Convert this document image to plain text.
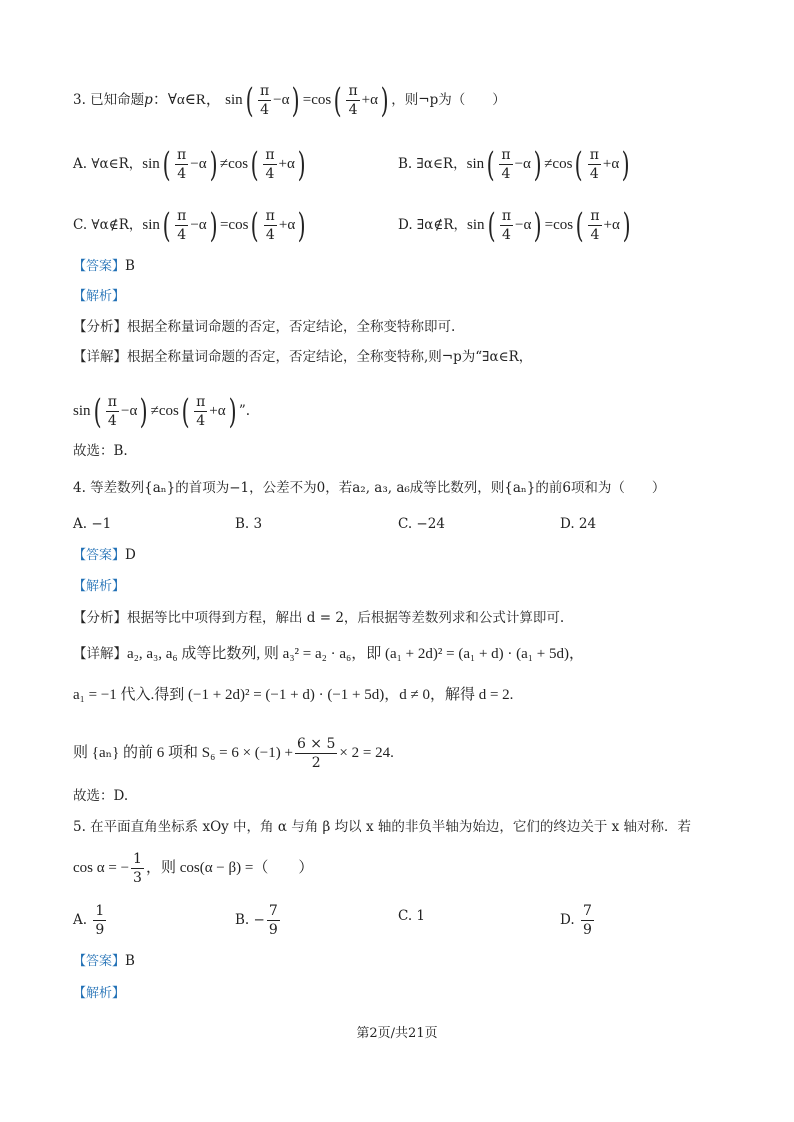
3. 已知命题p：∀α∈R， $\sin( \frac{\pi}{4} -\alpha) =\cos( \frac{\pi}{4} +\alpha)$ ，则¬p为（　　）
A. ∀α∈R，$\sin( \frac{\pi}{4} -\alpha) \ne\cos( \frac{\pi}{4} +\alpha)$	B. ∃α∈R，$\sin( \frac{\pi}{4} -\alpha) \ne\cos( \frac{\pi}{4} +\alpha)$
C. ∀α∉R，$\sin( \frac{\pi}{4} -\alpha) =\cos( \frac{\pi}{4} +\alpha)$	D. ∃α∉R，$\sin( \frac{\pi}{4} -\alpha) =\cos( \frac{\pi}{4} +\alpha)$
【答案】B
【解析】
【分析】根据全称量词命题的否定，否定结论，全称变特称即可.
【详解】根据全称量词命题的否定，否定结论，全称变特称,则¬p为“∃α∈R，
$\sin( \frac{\pi}{4} -\alpha) \ne\cos( \frac{\pi}{4} +\alpha)$ ”.
故选：B.
4. 等差数列{aₙ}的首项为−1，公差不为0，若a₂, a₃, a₆成等比数列，则{aₙ}的前6项和为（　　）
A. −1	B. 3	C. −24	D. 24
【答案】D
【解析】
【分析】根据等比中项得到方程，解出 d = 2，后根据等差数列求和公式计算即可.
【详解】a₂, a₃, a₆ 成等比数列, 则 a₃² = a₂ · a₆，即 (a₁ + 2d)² = (a₁ + d) · (a₁ + 5d)，
a₁ = −1 代入.得到 (−1 + 2d)² = (−1 + d) · (−1 + 5d)，d ≠ 0，解得 d = 2.
则 {aₙ} 的前 6 项和 $S_6 = 6 \times (-1) + \frac{6 \times 5}{2} \times 2 = 24$.
故选：D.
5. 在平面直角坐标系 xOy 中，角 α 与角 β 均以 x 轴的非负半轴为始边，它们的终边关于 x 轴对称．若
cos α = − $\frac{1}{3}$ ，则 cos(α − β) =（　　）
A. $\frac{1}{9}$	B. − $\frac{7}{9}$	C. 1	D. $\frac{7}{9}$
【答案】B
【解析】
第2页/共21页
